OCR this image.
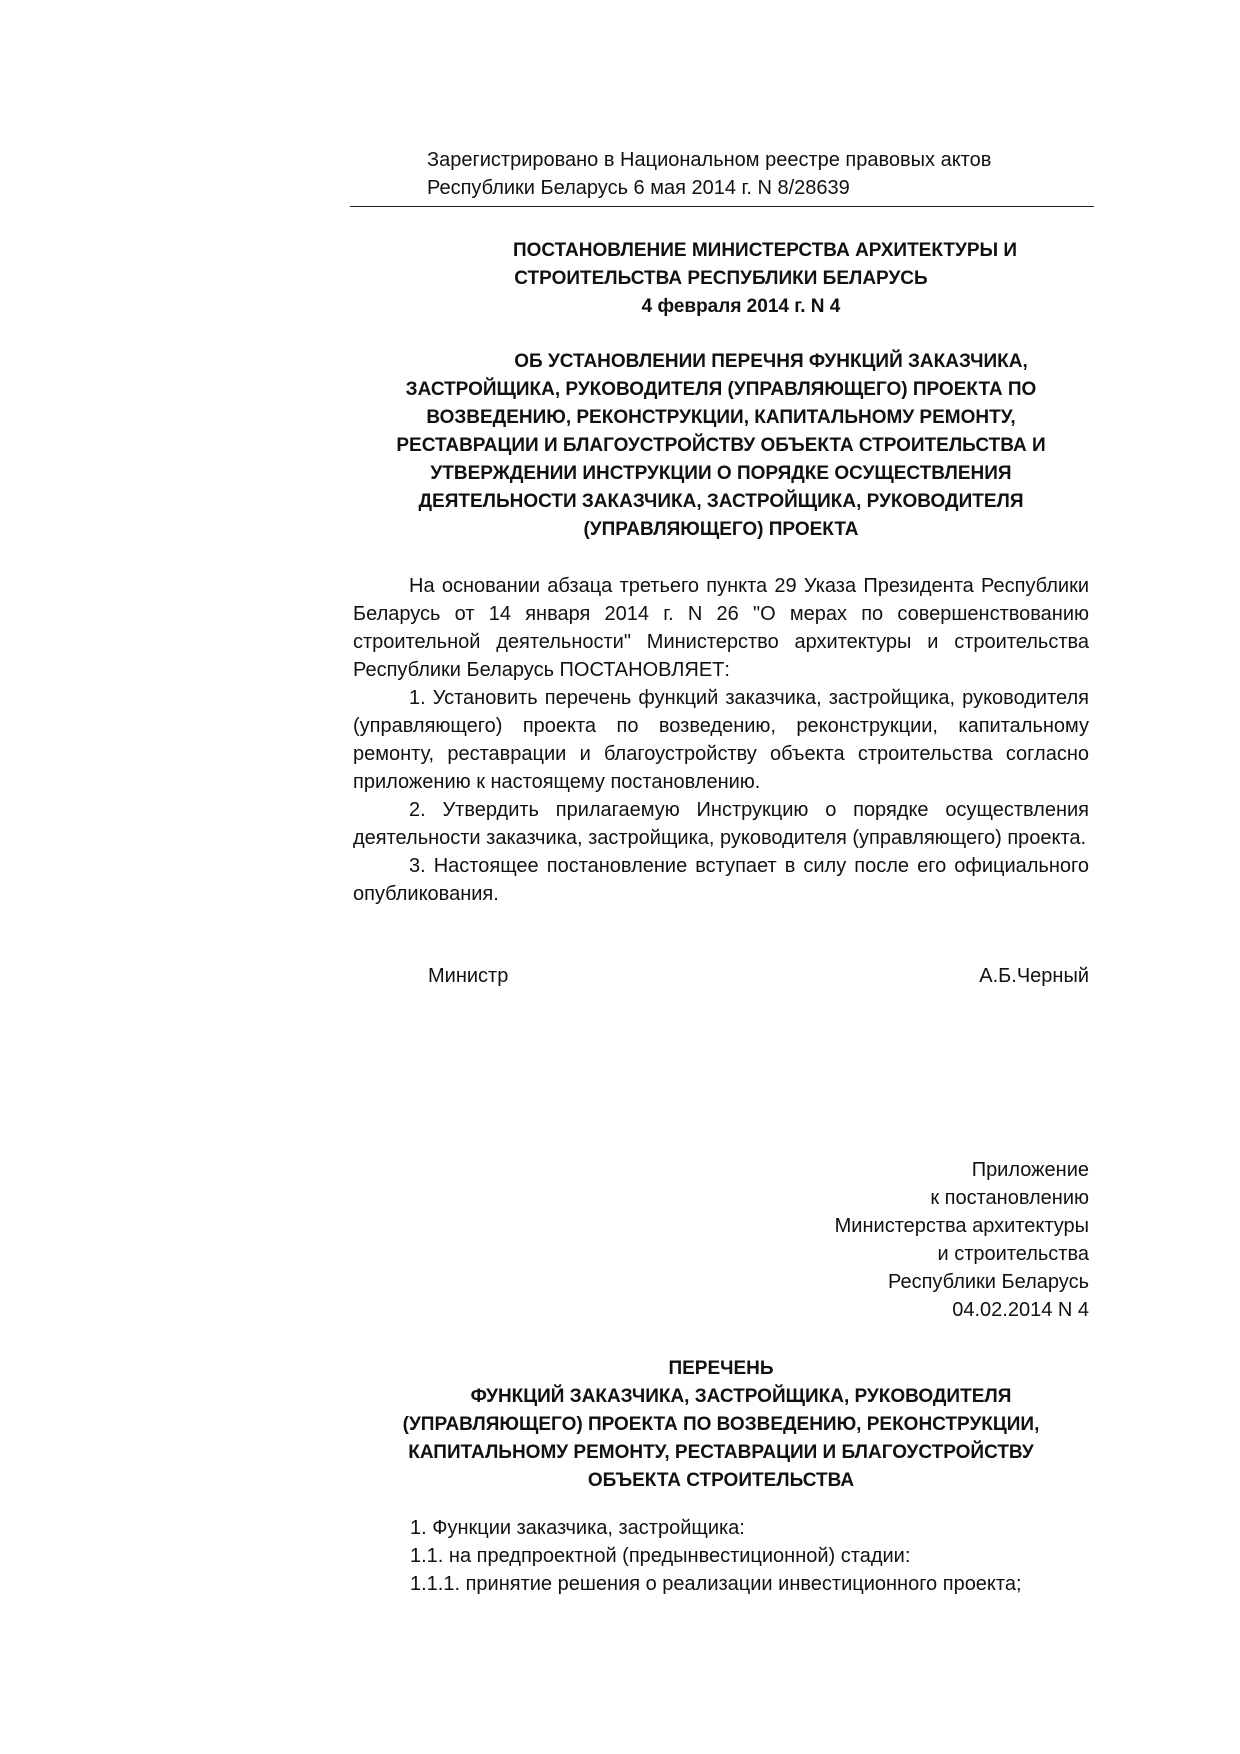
Зарегистрировано в Национальном реестре правовых актов
Республики Беларусь 6 мая 2014 г. N 8/28639
ПОСТАНОВЛЕНИЕ МИНИСТЕРСТВА АРХИТЕКТУРЫ И
СТРОИТЕЛЬСТВА РЕСПУБЛИКИ БЕЛАРУСЬ
4 февраля 2014 г. N 4
ОБ УСТАНОВЛЕНИИ ПЕРЕЧНЯ ФУНКЦИЙ ЗАКАЗЧИКА,
ЗАСТРОЙЩИКА, РУКОВОДИТЕЛЯ (УПРАВЛЯЮЩЕГО) ПРОЕКТА ПО
ВОЗВЕДЕНИЮ, РЕКОНСТРУКЦИИ, КАПИТАЛЬНОМУ РЕМОНТУ,
РЕСТАВРАЦИИ И БЛАГОУСТРОЙСТВУ ОБЪЕКТА СТРОИТЕЛЬСТВА И
УТВЕРЖДЕНИИ ИНСТРУКЦИИ О ПОРЯДКЕ ОСУЩЕСТВЛЕНИЯ
ДЕЯТЕЛЬНОСТИ ЗАКАЗЧИКА, ЗАСТРОЙЩИКА, РУКОВОДИТЕЛЯ
(УПРАВЛЯЮЩЕГО) ПРОЕКТА

На основании абзаца третьего пункта 29 Указа Президента Республики Беларусь от 14 января 2014 г. N 26 "О мерах по совершенствованию строительной деятельности" Министерство архитектуры и строительства Республики Беларусь ПОСТАНОВЛЯЕТ:

1. Установить перечень функций заказчика, застройщика, руководителя (управляющего) проекта по возведению, реконструкции, капитальному ремонту, реставрации и благоустройству объекта строительства согласно приложению к настоящему постановлению.

2. Утвердить прилагаемую Инструкцию о порядке осуществления деятельности заказчика, застройщика, руководителя (управляющего) проекта.

3. Настоящее постановление вступает в силу после его официального опубликования.

Министр	А.Б.Черный
Приложение
к постановлению
Министерства архитектуры
и строительства
Республики Беларусь
04.02.2014 N 4
ПЕРЕЧЕНЬ
ФУНКЦИЙ ЗАКАЗЧИКА, ЗАСТРОЙЩИКА, РУКОВОДИТЕЛЯ
(УПРАВЛЯЮЩЕГО) ПРОЕКТА ПО ВОЗВЕДЕНИЮ, РЕКОНСТРУКЦИИ,
КАПИТАЛЬНОМУ РЕМОНТУ, РЕСТАВРАЦИИ И БЛАГОУСТРОЙСТВУ
ОБЪЕКТА СТРОИТЕЛЬСТВА
1. Функции заказчика, застройщика:
1.1. на предпроектной (предынвестиционной) стадии:
1.1.1. принятие решения о реализации инвестиционного проекта;
